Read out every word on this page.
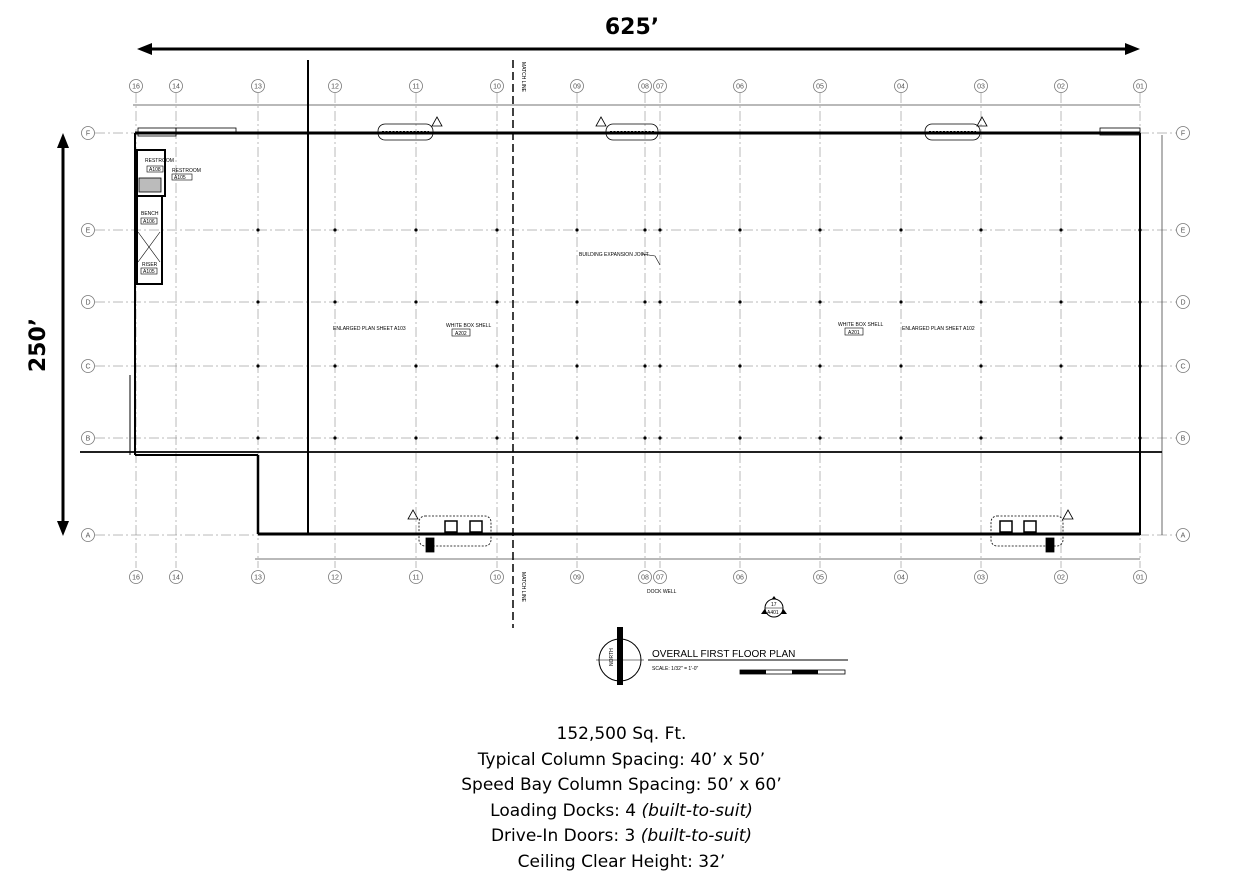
625’
250’
16
16
14
14
13
13
12
12
11
11
10
10
09
09
08
08
07
07
06
06
05
05
04
04
03
03
02
02
01
01
F	F
E	E
D	D
C	C
B	B
A	A
MATCH LINE
MATCH LINE
RESTROOM
A108 RESTROOM
A105
BENCH
A106
RISER
A105
BUILDING EXPANSION JOINT
ENLARGED PLAN SHEET A103	ENLARGED PLAN SHEET A102
WHITE BOX SHELL
A202
WHITE BOX SHELL
A201
DOCK WELL
17
A401
NORTH	OVERALL FIRST FLOOR PLAN
SCALE: 1/32" = 1'-0"
152,500 Sq. Ft.
Typical Column Spacing: 40’ x 50’
Speed Bay Column Spacing: 50’ x 60’
Loading Docks: 4 (built-to-suit)
Drive-In Doors: 3 (built-to-suit)
Ceiling Clear Height: 32’
